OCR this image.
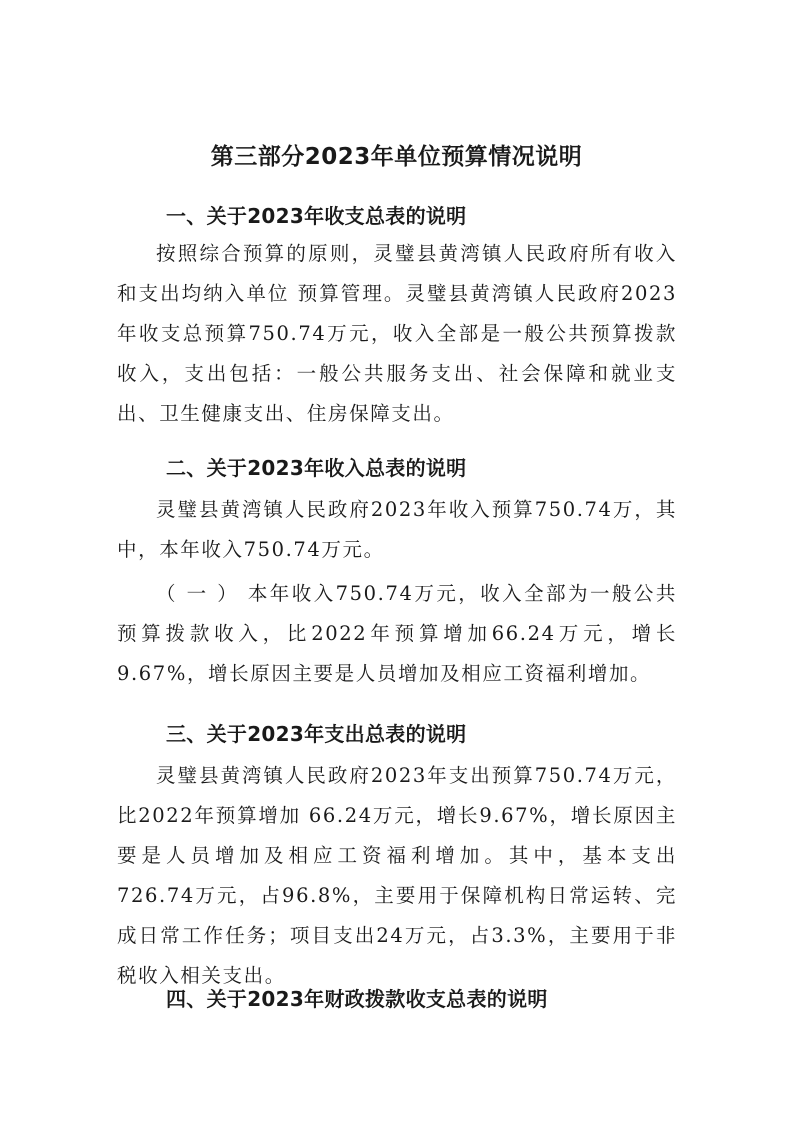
第三部分2023年单位预算情况说明
一、关于2023年收支总表的说明
按照综合预算的原则，灵璧县黄湾镇人民政府所有收入和支出均纳入单位 预算管理。灵璧县黄湾镇人民政府2023年收支总预算750.74万元，收入全部是一般公共预算拨款收入，支出包括：一般公共服务支出、社会保障和就业支出、卫生健康支出、住房保障支出。
二、关于2023年收入总表的说明
灵璧县黄湾镇人民政府2023年收入预算750.74万，其中，本年收入750.74万元。
（ 一 ） 本年收入750.74万元，收入全部为一般公共预算拨款收入，比2022年预算增加66.24万元，增长9.67%，增长原因主要是人员增加及相应工资福利增加。
三、关于2023年支出总表的说明
灵璧县黄湾镇人民政府2023年支出预算750.74万元，比2022年预算增加 66.24万元，增长9.67%，增长原因主要是人员增加及相应工资福利增加。其中，基本支出726.74万元，占96.8%，主要用于保障机构日常运转、完成日常工作任务；项目支出24万元，占3.3%，主要用于非税收入相关支出。
四、关于2023年财政拨款收支总表的说明
